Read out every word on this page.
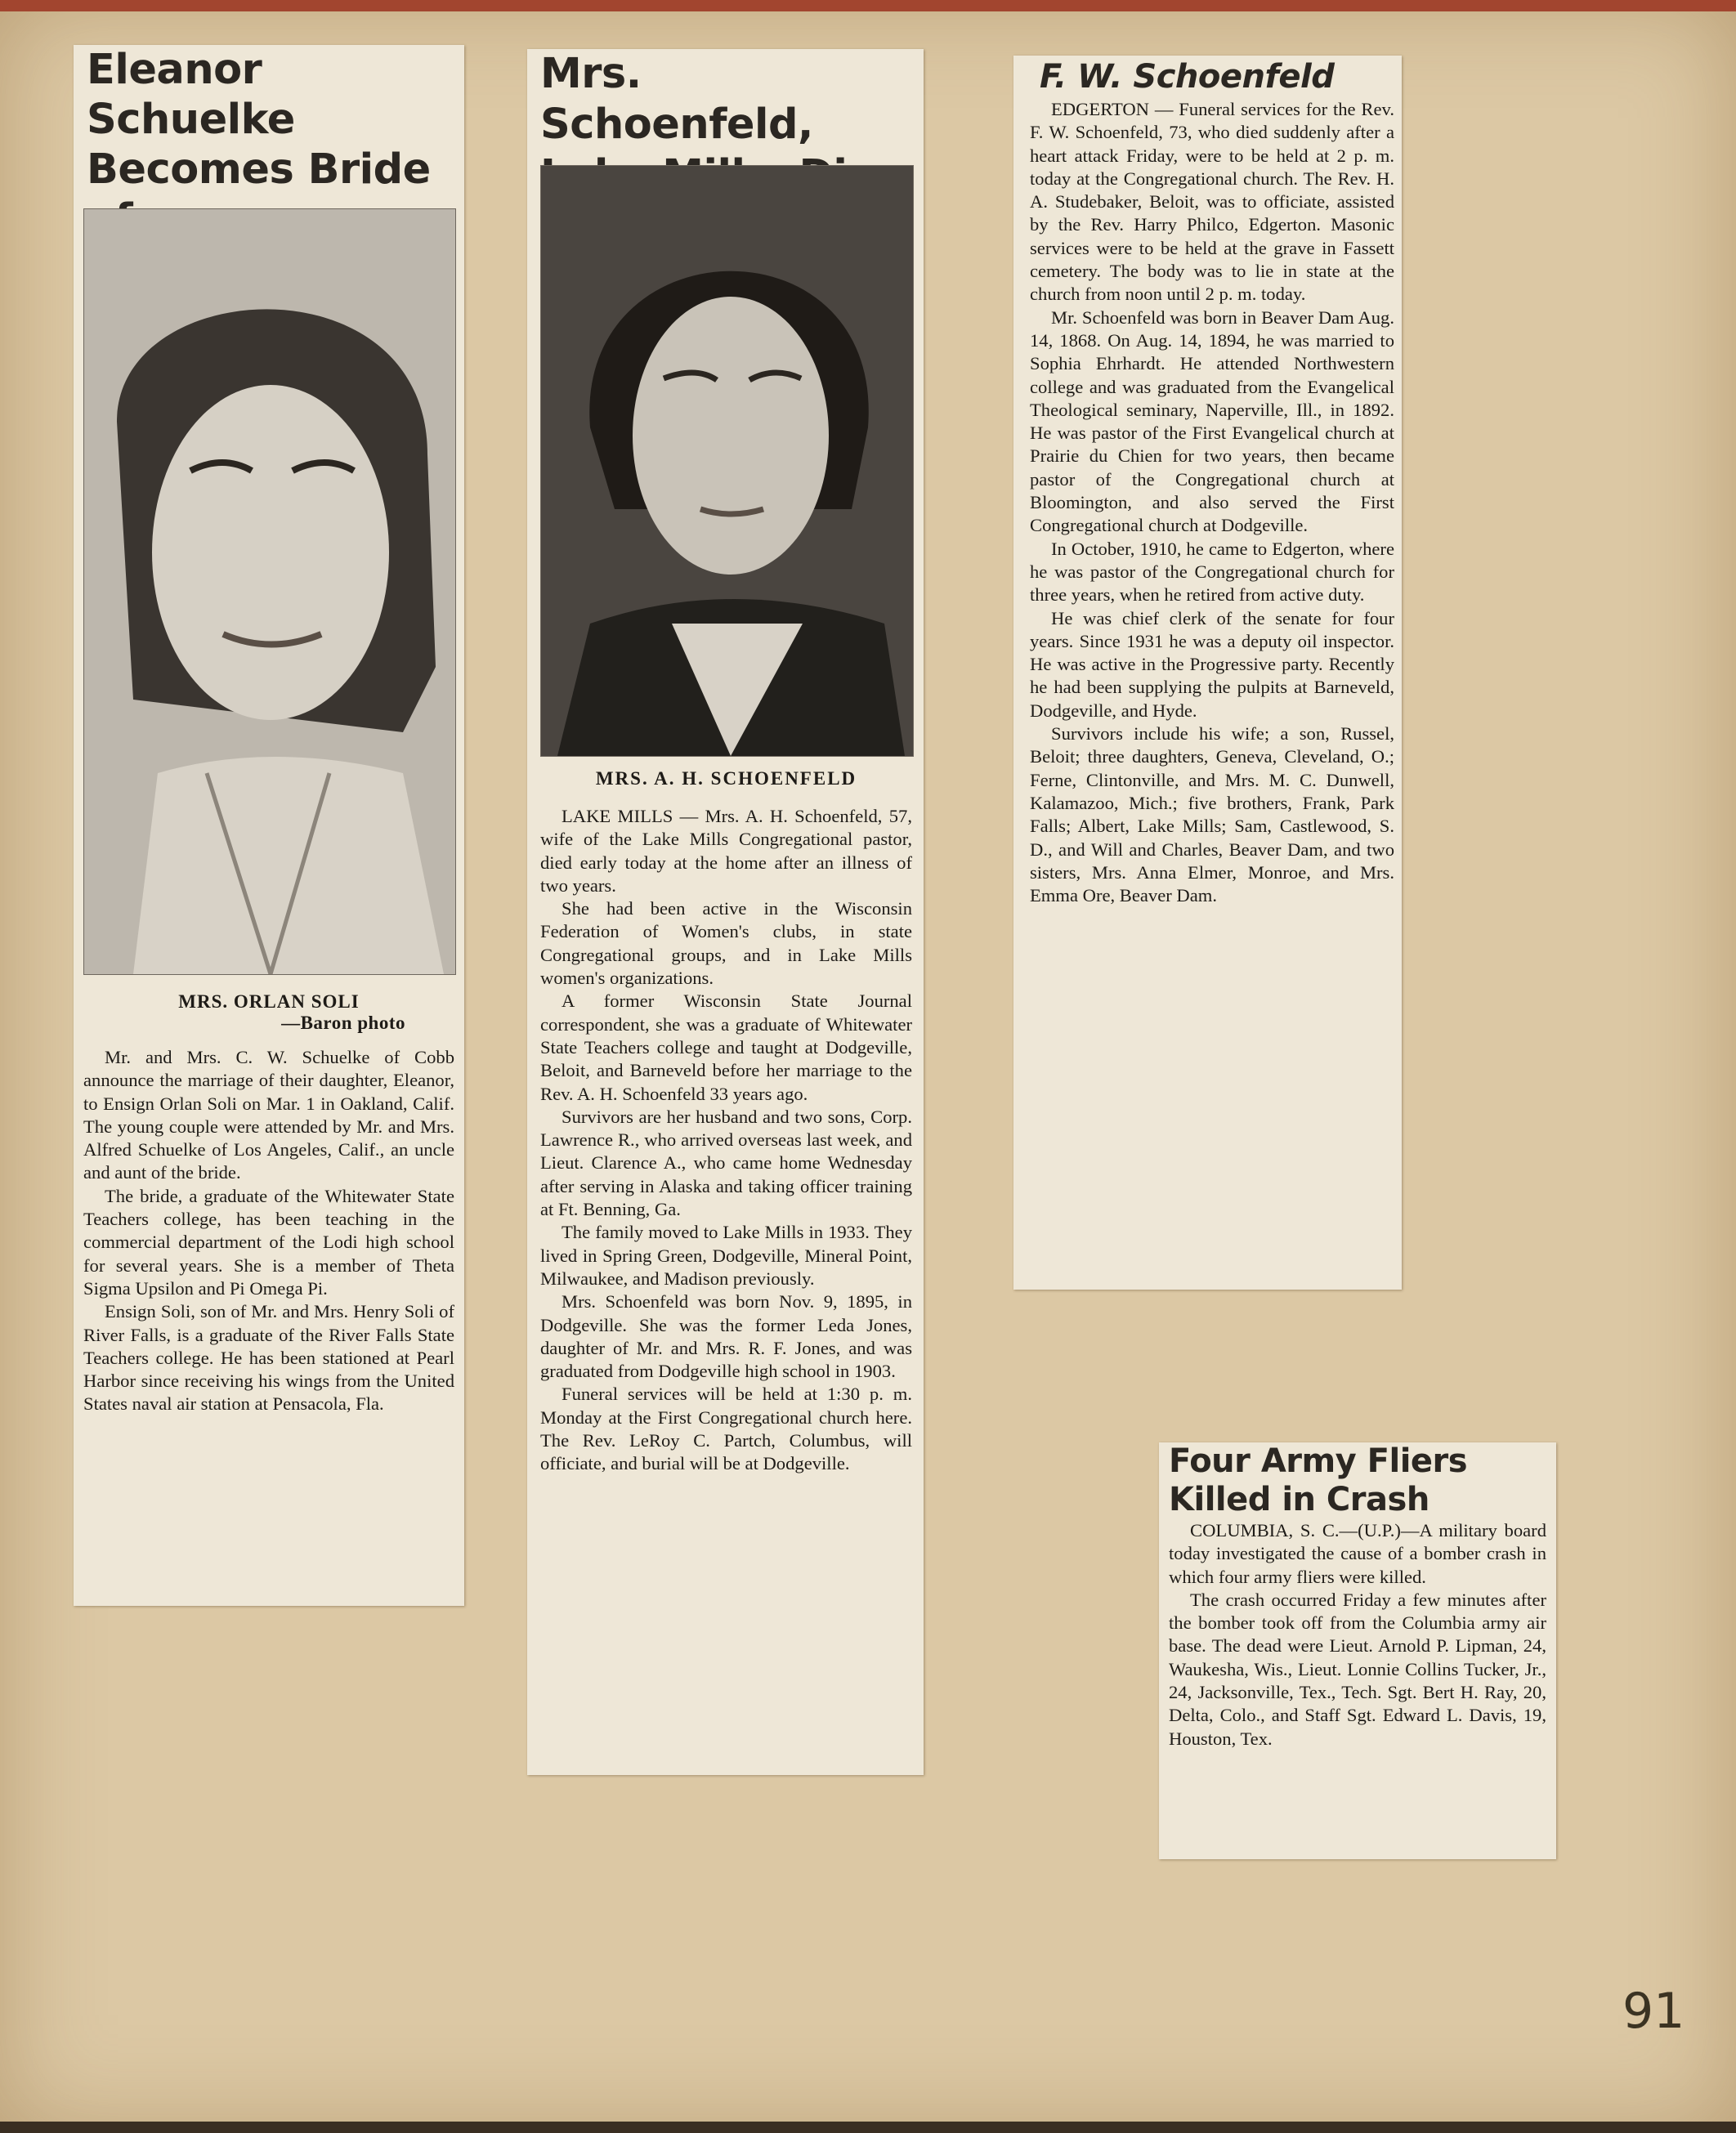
Eleanor Schuelke
Becomes Bride

MRS. ORLAN SOLI
—Baron photo

Mr. and Mrs. C. W. Schuelke of Cobb announce the marriage of their daughter, Eleanor, to Ensign Orlan Soli on Mar. 1 in Oakland, Calif. The young couple were attended by Mr. and Mrs. Alfred Schuelke of Los Angeles, Calif., an uncle and aunt of the bride.

The bride, a graduate of the Whitewater State Teachers college, has been teaching in the commercial department of the Lodi high school for several years. She is a member of Theta Sigma Upsilon and Pi Omega Pi.

Ensign Soli, son of Mr. and Mrs. Henry Soli of River Falls, is a graduate of the River Falls State Teachers college. He has been stationed at Pearl Harbor since receiving his wings from the United States naval air station at Pensacola, Fla.

Mrs. Schoenfeld,

MRS. A. H. SCHOENFELD

LAKE MILLS — Mrs. A. H. Schoenfeld, 57, wife of the Lake Mills Congregational pastor, died early today at the home after an illness of two years.

She had been active in the Wisconsin Federation of Women's clubs, in state Congregational groups, and in Lake Mills women's organizations.

A former Wisconsin State Journal correspondent, she was a graduate of Whitewater State Teachers college and taught at Dodgeville, Beloit, and Barneveld before her marriage to the Rev. A. H. Schoenfeld 33 years ago.

Survivors are her husband and two sons, Corp. Lawrence R., who arrived overseas last week, and Lieut. Clarence A., who came home Wednesday after serving in Alaska and taking officer training at Ft. Benning, Ga.

The family moved to Lake Mills in 1933. They lived in Spring Green, Dodgeville, Mineral Point, Milwaukee, and Madison previously.

Mrs. Schoenfeld was born Nov. 9, 1895, in Dodgeville. She was the former Leda Jones, daughter of Mr. and Mrs. R. F. Jones, and was graduated from Dodgeville high school in 1903.

Funeral services will be held at 1:30 p. m. Monday at the First Congregational church here. The Rev. LeRoy C. Partch, Columbus, will officiate, and burial will be at Dodgeville.

F. W. Schoenfeld

EDGERTON — Funeral services for the Rev. F. W. Schoenfeld, 73, who died suddenly after a heart attack Friday, were to be held at 2 p. m. today at the Congregational church. The Rev. H. A. Studebaker, Beloit, was to officiate, assisted by the Rev. Harry Philco, Edgerton. Masonic services were to be held at the grave in Fassett cemetery. The body was to lie in state at the church from noon until 2 p. m. today.

Mr. Schoenfeld was born in Beaver Dam Aug. 14, 1868. On Aug. 14, 1894, he was married to Sophia Ehrhardt. He attended Northwestern college and was graduated from the Evangelical Theological seminary, Naperville, Ill., in 1892. He was pastor of the First Evangelical church at Prairie du Chien for two years, then became pastor of the Congregational church at Bloomington, and also served the First Congregational church at Dodgeville.

In October, 1910, he came to Edgerton, where he was pastor of the Congregational church for three years, when he retired from active duty.

He was chief clerk of the senate for four years. Since 1931 he was a deputy oil inspector. He was active in the Progressive party. Recently he had been supplying the pulpits at Barneveld, Dodgeville, and Hyde.

Survivors include his wife; a son, Russel, Beloit; three daughters, Geneva, Cleveland, O.; Ferne, Clintonville, and Mrs. M. C. Dunwell, Kalamazoo, Mich.; five brothers, Frank, Park Falls; Albert, Lake Mills; Sam, Castlewood, S. D., and Will and Charles, Beaver Dam, and two sisters, Mrs. Anna Elmer, Monroe, and Mrs. Emma Ore, Beaver Dam.

Four Army Fliers
Killed in Crash

COLUMBIA, S. C.—(U.P.)—A military board today investigated the cause of a bomber crash in which four army fliers were killed.

The crash occurred Friday a few minutes after the bomber took off from the Columbia army air base. The dead were Lieut. Arnold P. Lipman, 24, Waukesha, Wis., Lieut. Lonnie Collins Tucker, Jr., 24, Jacksonville, Tex., Tech. Sgt. Bert H. Ray, 20, Delta, Colo., and Staff Sgt. Edward L. Davis, 19, Houston, Tex.

91
